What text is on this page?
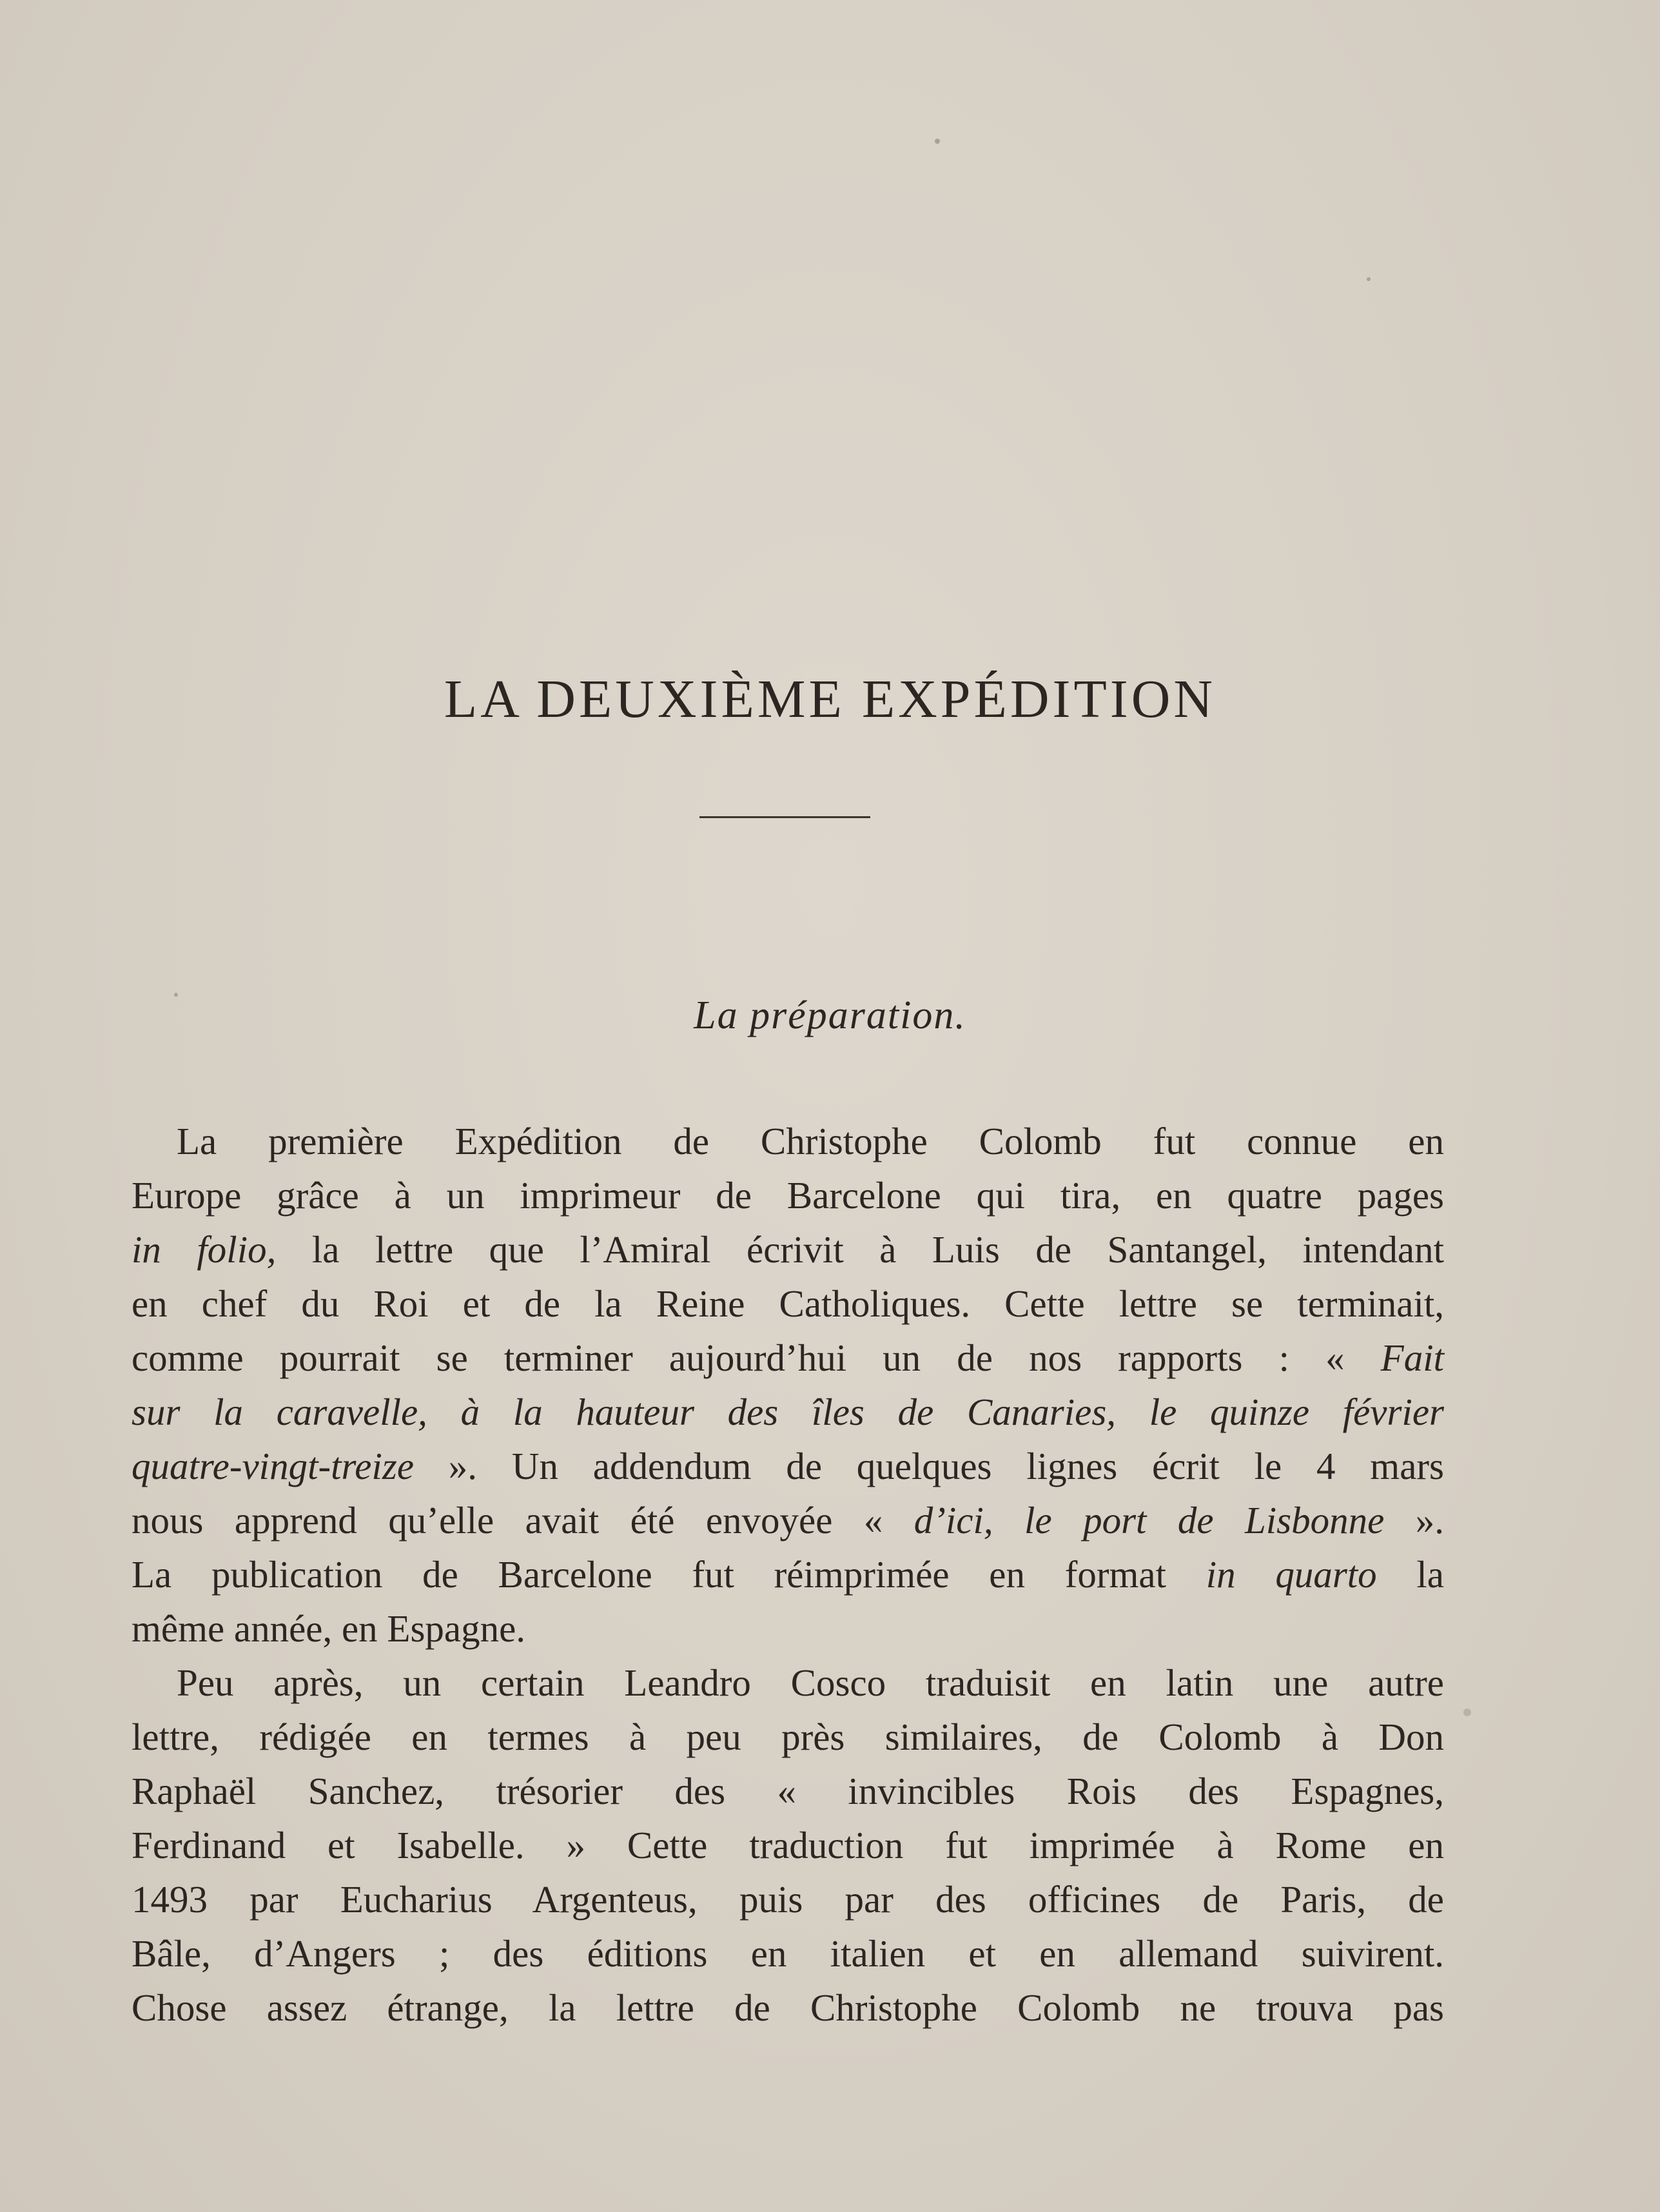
LA DEUXIÈME EXPÉDITION
La préparation.
La première Expédition de Christophe Colomb fut connue en
Europe grâce à un imprimeur de Barcelone qui tira, en quatre pages
in folio, la lettre que l’Amiral écrivit à Luis de Santangel, intendant
en chef du Roi et de la Reine Catholiques. Cette lettre se terminait,
comme pourrait se terminer aujourd’hui un de nos rapports : « Fait
sur la caravelle, à la hauteur des îles de Canaries, le quinze février
quatre-vingt-treize ». Un addendum de quelques lignes écrit le 4 mars
nous apprend qu’elle avait été envoyée « d’ici, le port de Lisbonne ».
La publication de Barcelone fut réimprimée en format in quarto la
même année, en Espagne.
Peu après, un certain Leandro Cosco traduisit en latin une autre
lettre, rédigée en termes à peu près similaires, de Colomb à Don
Raphaël Sanchez, trésorier des « invincibles Rois des Espagnes,
Ferdinand et Isabelle. » Cette traduction fut imprimée à Rome en
1493 par Eucharius Argenteus, puis par des officines de Paris, de
Bâle, d’Angers ; des éditions en italien et en allemand suivirent.
Chose assez étrange, la lettre de Christophe Colomb ne trouva pas
